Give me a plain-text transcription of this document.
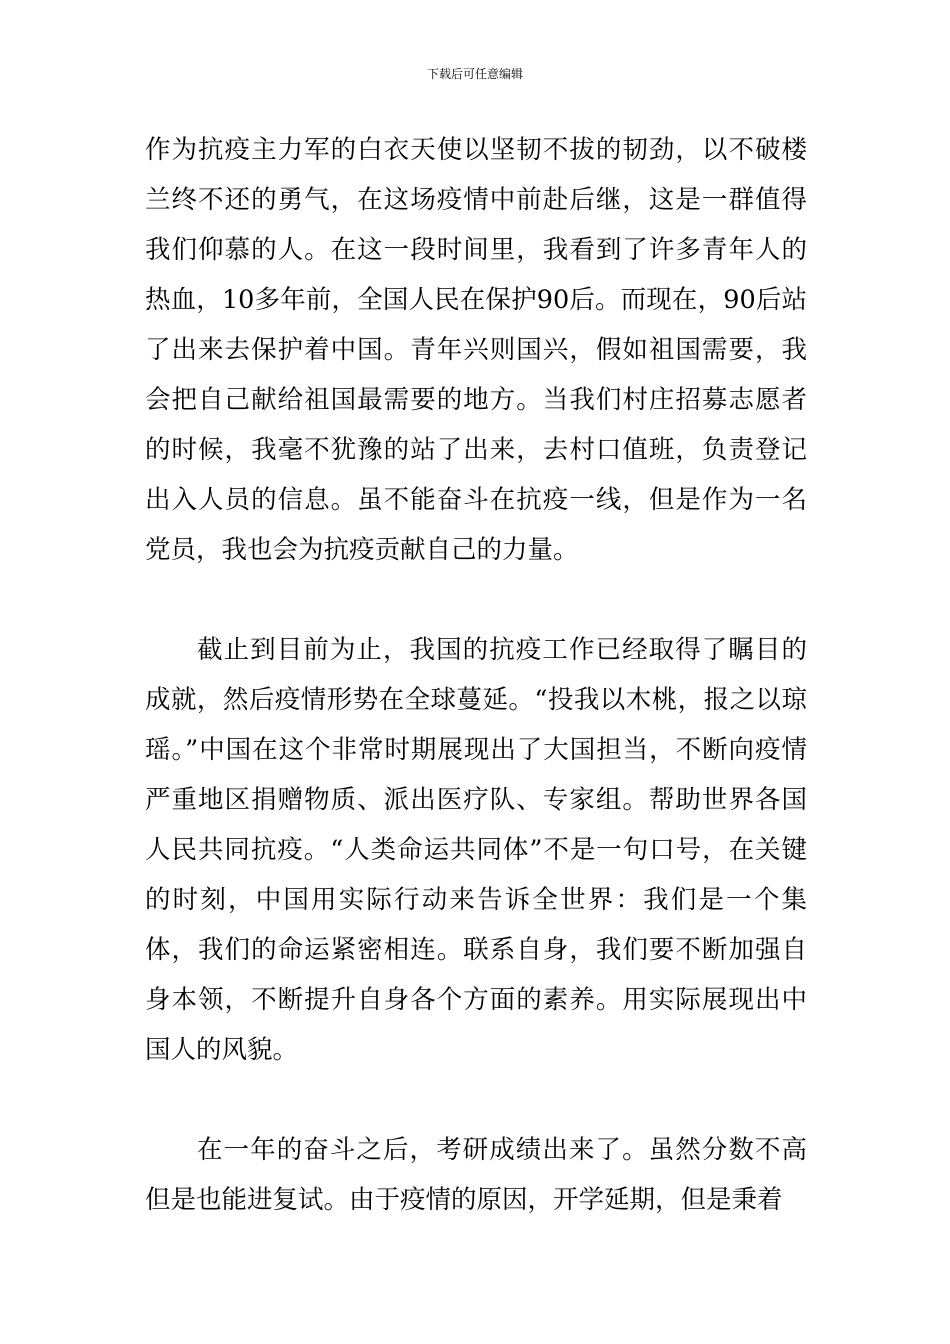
下载后可任意编辑

作为抗疫主力军的白衣天使以坚韧不拔的韧劲，以不破楼兰终不还的勇气，在这场疫情中前赴后继，这是一群值得我们仰慕的人。在这一段时间里，我看到了许多青年人的热血，10多年前，全国人民在保护90后。而现在，90后站了出来去保护着中国。青年兴则国兴，假如祖国需要，我会把自己献给祖国最需要的地方。当我们村庄招募志愿者的时候，我毫不犹豫的站了出来，去村口值班，负责登记出入人员的信息。虽不能奋斗在抗疫一线，但是作为一名党员，我也会为抗疫贡献自己的力量。

截止到目前为止，我国的抗疫工作已经取得了瞩目的成就，然后疫情形势在全球蔓延。“投我以木桃，报之以琼瑶。”中国在这个非常时期展现出了大国担当，不断向疫情严重地区捐赠物质、派出医疗队、专家组。帮助世界各国人民共同抗疫。“人类命运共同体”不是一句口号，在关键的时刻，中国用实际行动来告诉全世界：我们是一个集体，我们的命运紧密相连。联系自身，我们要不断加强自身本领，不断提升自身各个方面的素养。用实际展现出中国人的风貌。

在一年的奋斗之后，考研成绩出来了。虽然分数不高但是也能进复试。由于疫情的原因，开学延期，但是秉着
